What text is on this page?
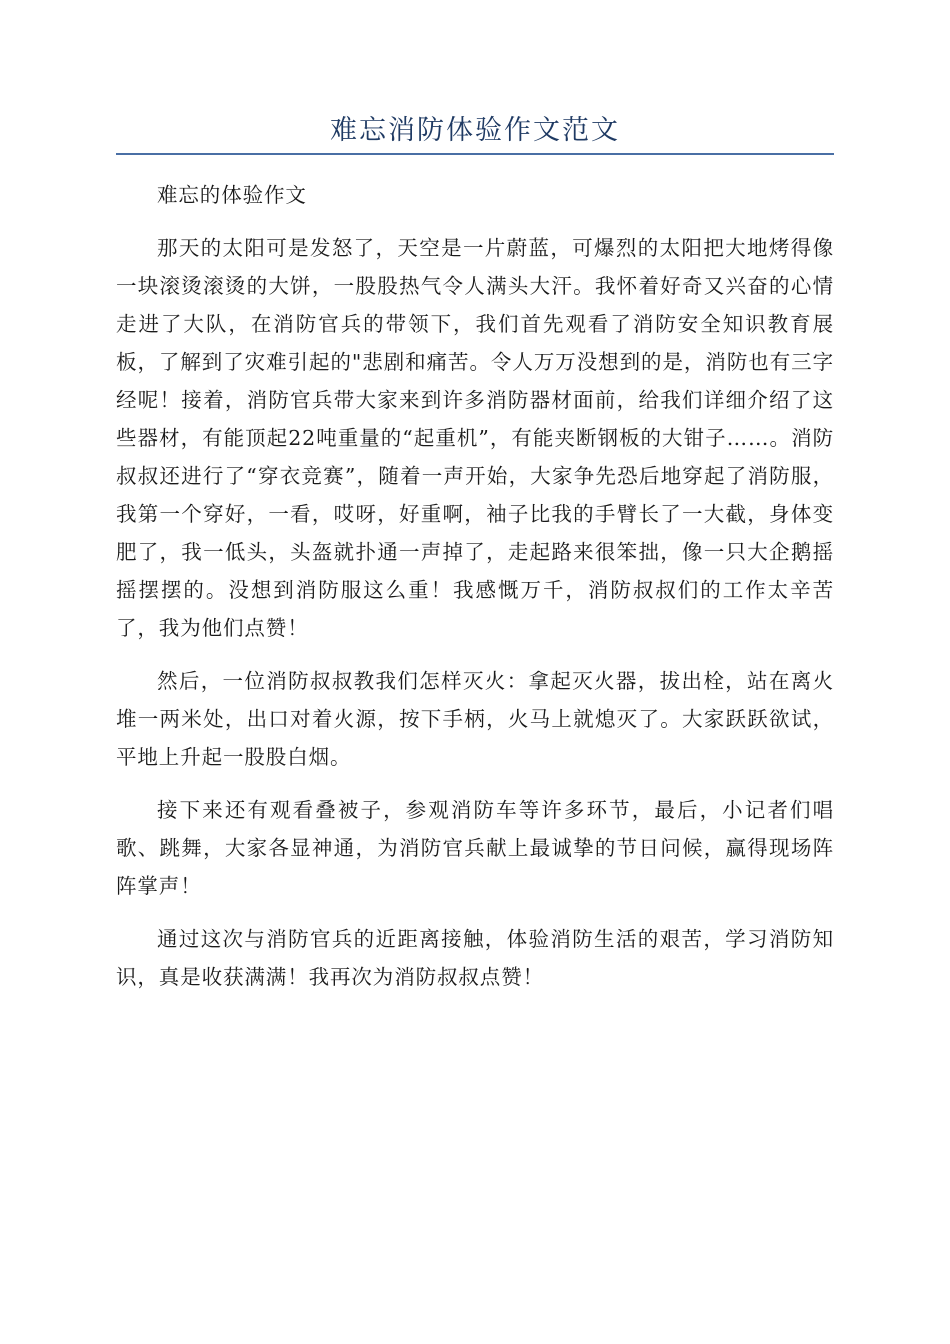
难忘消防体验作文范文

难忘的体验作文

那天的太阳可是发怒了，天空是一片蔚蓝，可爆烈的太阳把大地烤得像一块滚烫滚烫的大饼，一股股热气令人满头大汗。我怀着好奇又兴奋的心情走进了大队，在消防官兵的带领下，我们首先观看了消防安全知识教育展板，了解到了灾难引起的"悲剧和痛苦。令人万万没想到的是，消防也有三字经呢！接着，消防官兵带大家来到许多消防器材面前，给我们详细介绍了这些器材，有能顶起22吨重量的“起重机”，有能夹断钢板的大钳子……。消防叔叔还进行了“穿衣竞赛”，随着一声开始，大家争先恐后地穿起了消防服，我第一个穿好，一看，哎呀，好重啊，袖子比我的手臂长了一大截，身体变肥了，我一低头，头盔就扑通一声掉了，走起路来很笨拙，像一只大企鹅摇摇摆摆的。没想到消防服这么重！我感慨万千，消防叔叔们的工作太辛苦了，我为他们点赞！

然后，一位消防叔叔教我们怎样灭火：拿起灭火器，拔出栓，站在离火堆一两米处，出口对着火源，按下手柄，火马上就熄灭了。大家跃跃欲试，平地上升起一股股白烟。

接下来还有观看叠被子，参观消防车等许多环节，最后，小记者们唱歌、跳舞，大家各显神通，为消防官兵献上最诚挚的节日问候，赢得现场阵阵掌声！

通过这次与消防官兵的近距离接触，体验消防生活的艰苦，学习消防知识，真是收获满满！我再次为消防叔叔点赞！
